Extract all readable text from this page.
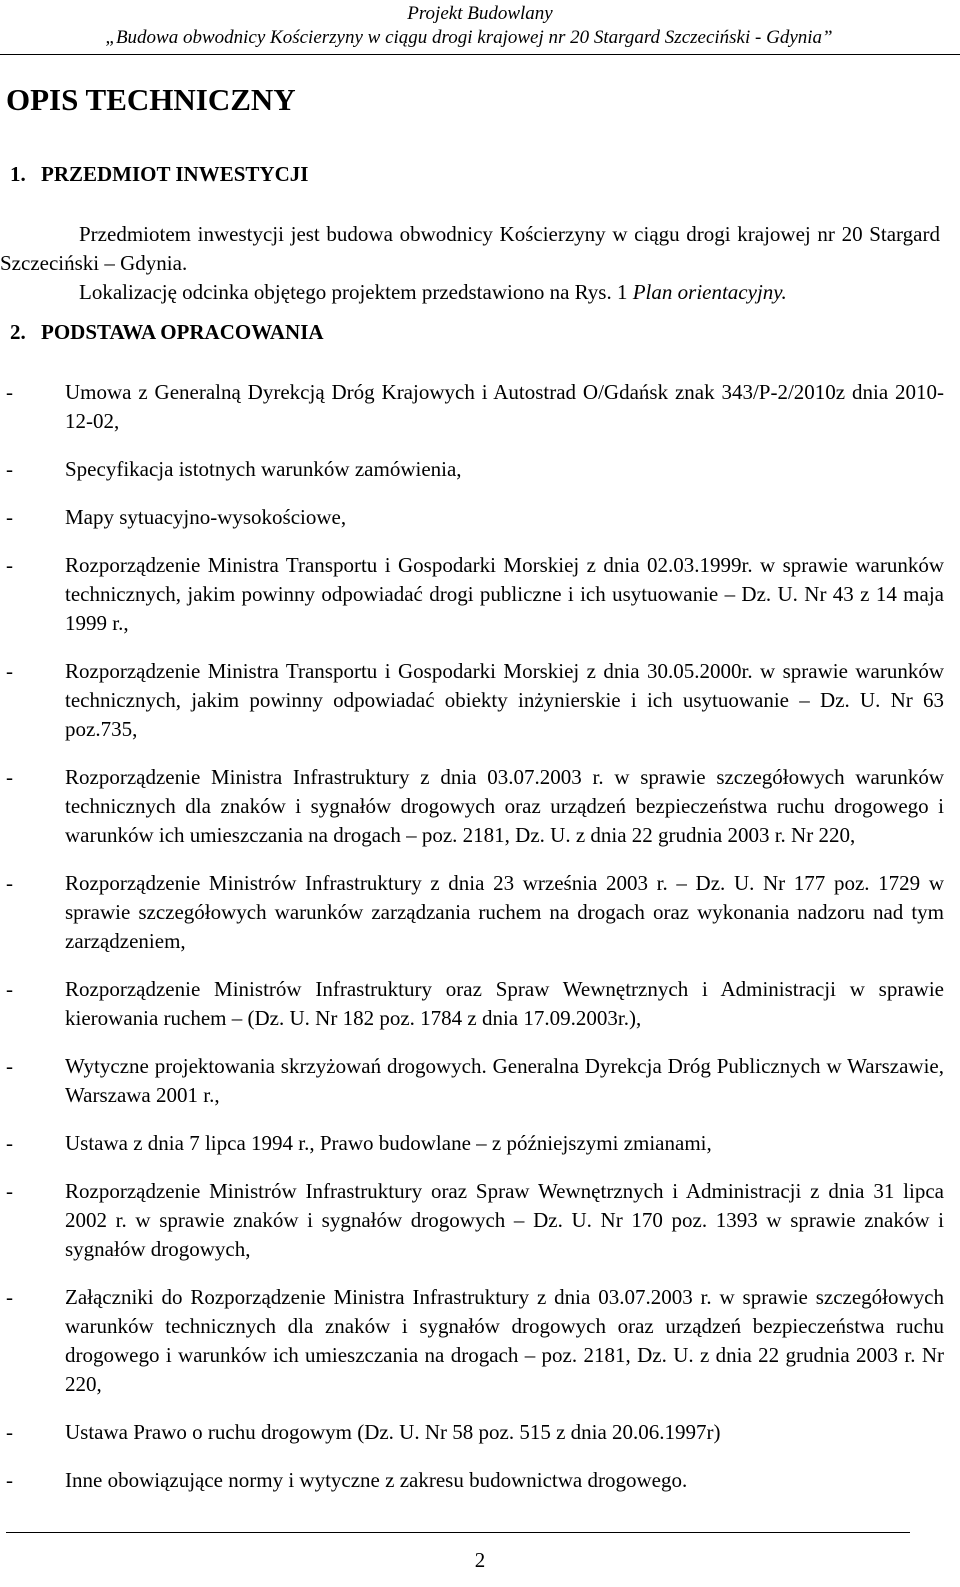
Projekt Budowlany
„Budowa obwodnicy Kościerzyny w ciągu drogi krajowej nr 20 Stargard Szczeciński - Gdynia”
OPIS TECHNICZNY
1. PRZEDMIOT INWESTYCJI
Przedmiotem inwestycji jest budowa obwodnicy Kościerzyny w ciągu drogi krajowej nr 20 Stargard Szczeciński – Gdynia.
Lokalizację odcinka objętego projektem przedstawiono na Rys. 1 Plan orientacyjny.
2. PODSTAWA OPRACOWANIA
- Umowa z Generalną Dyrekcją Dróg Krajowych i Autostrad O/Gdańsk znak 343/P-2/2010z dnia 2010-12-02,
- Specyfikacja istotnych warunków zamówienia,
- Mapy sytuacyjno-wysokościowe,
- Rozporządzenie Ministra Transportu i Gospodarki Morskiej z dnia 02.03.1999r. w sprawie warunków technicznych, jakim powinny odpowiadać drogi publiczne i ich usytuowanie – Dz. U. Nr 43 z 14 maja 1999 r.,
- Rozporządzenie Ministra Transportu i Gospodarki Morskiej z dnia 30.05.2000r. w sprawie warunków technicznych, jakim powinny odpowiadać obiekty inżynierskie i ich usytuowanie – Dz. U. Nr 63 poz.735,
- Rozporządzenie Ministra Infrastruktury z dnia 03.07.2003 r. w sprawie szczegółowych warunków technicznych dla znaków i sygnałów drogowych oraz urządzeń bezpieczeństwa ruchu drogowego i warunków ich umieszczania na drogach – poz. 2181, Dz. U. z dnia 22 grudnia 2003 r. Nr 220,
- Rozporządzenie Ministrów Infrastruktury z dnia 23 września 2003 r. – Dz. U. Nr 177 poz. 1729 w sprawie szczegółowych warunków zarządzania ruchem na drogach oraz wykonania nadzoru nad tym zarządzeniem,
- Rozporządzenie Ministrów Infrastruktury oraz Spraw Wewnętrznych i Administracji w sprawie kierowania ruchem – (Dz. U. Nr 182 poz. 1784 z dnia 17.09.2003r.),
- Wytyczne projektowania skrzyżowań drogowych. Generalna Dyrekcja Dróg Publicznych w Warszawie, Warszawa 2001 r.,
- Ustawa z dnia 7 lipca 1994 r., Prawo budowlane – z późniejszymi zmianami,
- Rozporządzenie Ministrów Infrastruktury oraz Spraw Wewnętrznych i Administracji z dnia 31 lipca 2002 r. w sprawie znaków i sygnałów drogowych – Dz. U. Nr 170 poz. 1393 w sprawie znaków i sygnałów drogowych,
- Załączniki do Rozporządzenie Ministra Infrastruktury z dnia 03.07.2003 r. w sprawie szczegółowych warunków technicznych dla znaków i sygnałów drogowych oraz urządzeń bezpieczeństwa ruchu drogowego i warunków ich umieszczania na drogach – poz. 2181, Dz. U. z dnia 22 grudnia 2003 r. Nr 220,
- Ustawa Prawo o ruchu drogowym (Dz. U. Nr 58 poz. 515 z dnia 20.06.1997r)
- Inne obowiązujące normy i wytyczne z zakresu budownictwa drogowego.
2
